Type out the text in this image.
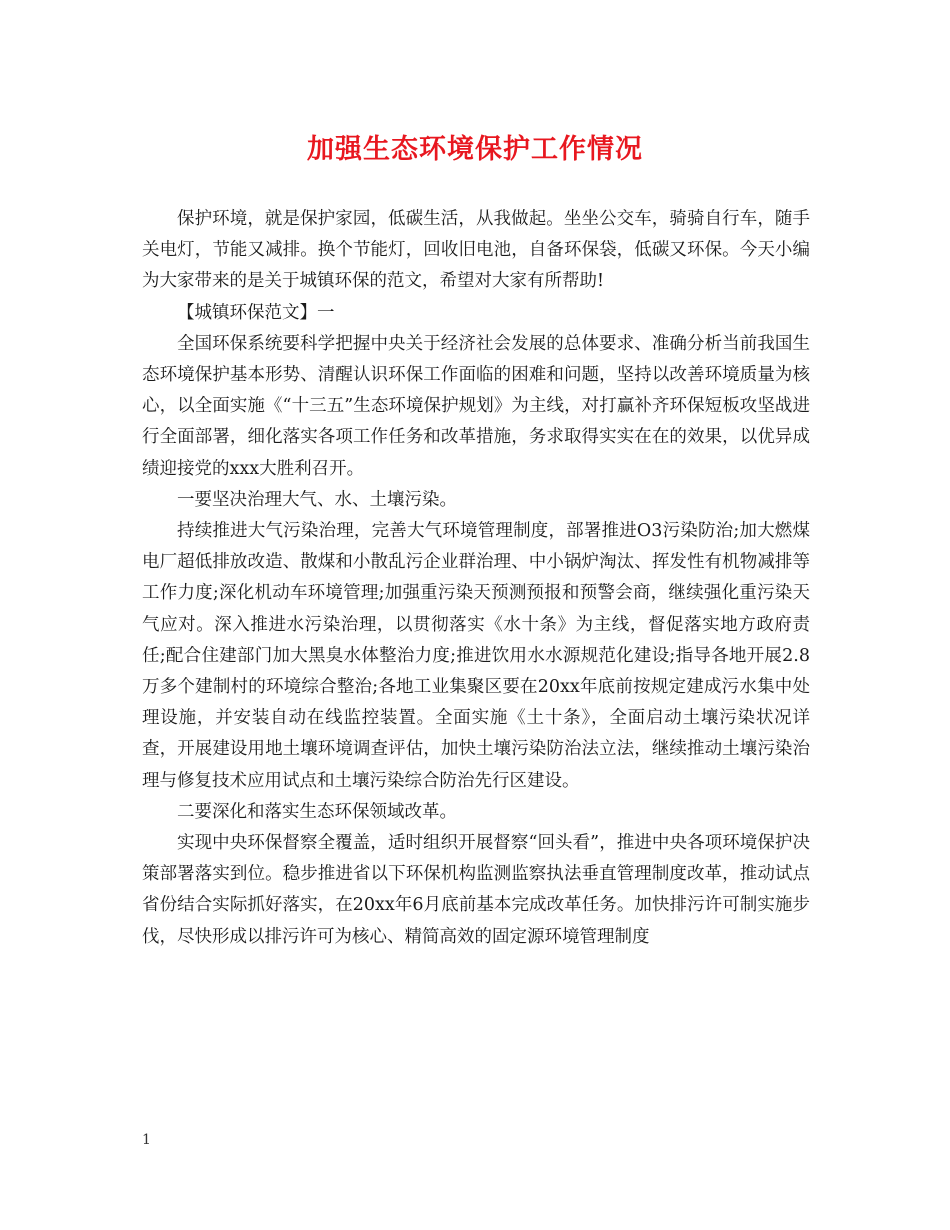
加强生态环境保护工作情况

保护环境，就是保护家园，低碳生活，从我做起。坐坐公交车，骑骑自行车，随手关电灯，节能又减排。换个节能灯，回收旧电池，自备环保袋，低碳又环保。今天小编为大家带来的是关于城镇环保的范文，希望对大家有所帮助!

【城镇环保范文】一

全国环保系统要科学把握中央关于经济社会发展的总体要求、准确分析当前我国生态环境保护基本形势、清醒认识环保工作面临的困难和问题，坚持以改善环境质量为核心，以全面实施《“十三五”生态环境保护规划》为主线，对打赢补齐环保短板攻坚战进行全面部署，细化落实各项工作任务和改革措施，务求取得实实在在的效果，以优异成绩迎接党的xxx大胜利召开。

一要坚决治理大气、水、土壤污染。

持续推进大气污染治理，完善大气环境管理制度，部署推进O3污染防治;加大燃煤电厂超低排放改造、散煤和小散乱污企业群治理、中小锅炉淘汰、挥发性有机物减排等工作力度;深化机动车环境管理;加强重污染天预测预报和预警会商，继续强化重污染天气应对。深入推进水污染治理，以贯彻落实《水十条》为主线，督促落实地方政府责任;配合住建部门加大黑臭水体整治力度;推进饮用水水源规范化建设;指导各地开展2.8万多个建制村的环境综合整治;各地工业集聚区要在20xx年底前按规定建成污水集中处理设施，并安装自动在线监控装置。全面实施《土十条》，全面启动土壤污染状况详查，开展建设用地土壤环境调查评估，加快土壤污染防治法立法，继续推动土壤污染治理与修复技术应用试点和土壤污染综合防治先行区建设。

二要深化和落实生态环保领域改革。

实现中央环保督察全覆盖，适时组织开展督察“回头看”，推进中央各项环境保护决策部署落实到位。稳步推进省以下环保机构监测监察执法垂直管理制度改革，推动试点省份结合实际抓好落实，在20xx年6月底前基本完成改革任务。加快排污许可制实施步伐，尽快形成以排污许可为核心、精简高效的固定源环境管理制度

1
